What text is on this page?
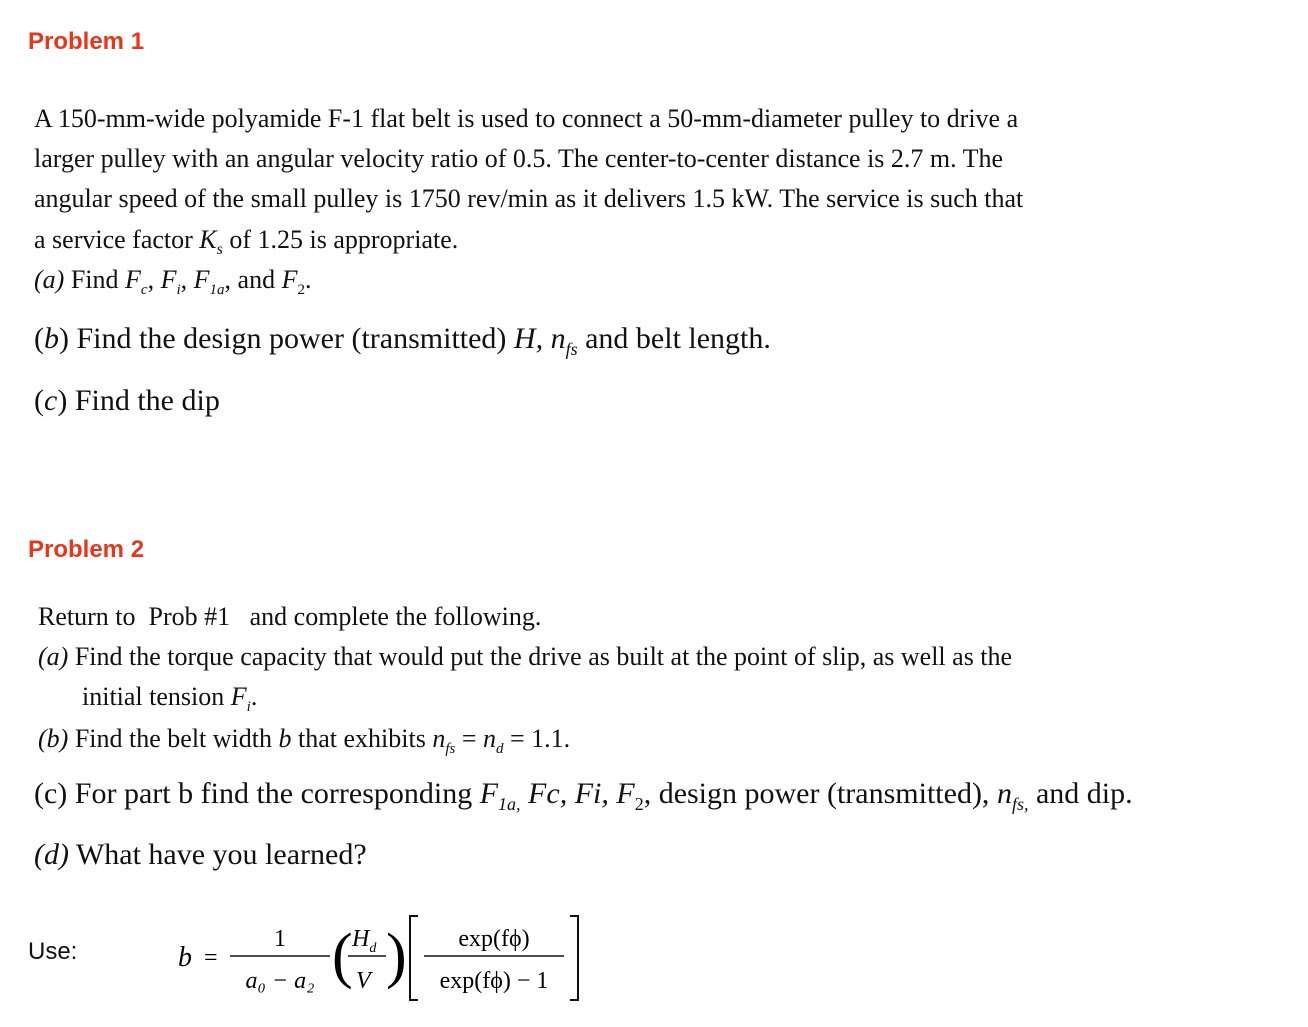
Problem 1
A 150-mm-wide polyamide F-1 flat belt is used to connect a 50-mm-diameter pulley to drive a
larger pulley with an angular velocity ratio of 0.5. The center-to-center distance is 2.7 m. The
angular speed of the small pulley is 1750 rev/min as it delivers 1.5 kW. The service is such that
a service factor $K_s$ of 1.25 is appropriate.
(a) Find $F_c$, $F_i$, $F_{1a}$, and $F_2$.
(b) Find the design power (transmitted) H, $n_{fs}$ and belt length.
(c) Find the dip
Problem 2
Return to Prob #1 and complete the following.
(a) Find the torque capacity that would put the drive as built at the point of slip, as well as the
initial tension $F_i$.
(b) Find the belt width b that exhibits $n_{fs} = n_d = 1.1$.
(c) For part b find the corresponding $F_{1a,}$ Fc, Fi, $F_2$, design power (transmitted), $n_{fs,}$ and dip.
(d) What have you learned?
Use:	b =
1
a₀ − a₂ ( $H_d$
V ) exp(fϕ)
exp(fϕ) − 1
